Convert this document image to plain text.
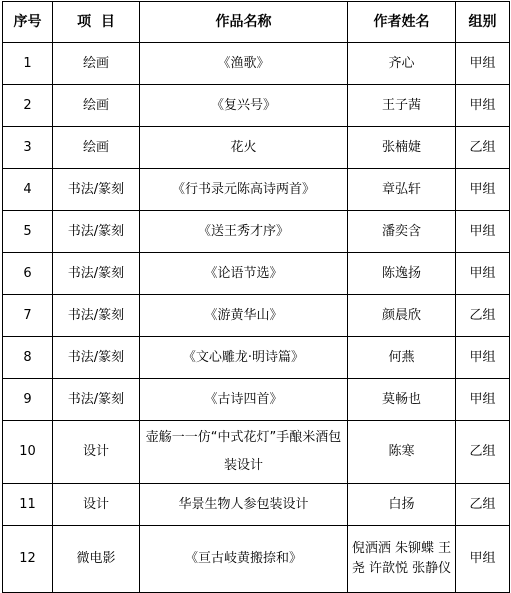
序号	项  目	作品名称	作者姓名	组别
1	绘画	《渔歌》	齐心	甲组
2	绘画	《复兴号》	王子茜	甲组
3	绘画	花火	张楠婕	乙组
4	书法/篆刻	《行书录元陈高诗两首》	章弘轩	甲组
5	书法/篆刻	《送王秀才序》	潘奕含	甲组
6	书法/篆刻	《论语节选》	陈逸扬	甲组
7	书法/篆刻	《游黄华山》	颜晨欣	乙组
8	书法/篆刻	《文心雕龙·明诗篇》	何燕	甲组
9	书法/篆刻	《古诗四首》	莫畅也	甲组
10	设计	壶觞一一仿“中式花灯”手酿米酒包装设计	陈寒	乙组
11	设计	华景生物人参包装设计	白扬	乙组
12	微电影	《亘古岐黄搬捺和》	倪洒洒 朱铆蝶 王尧 许歆悦 张静仪	甲组
